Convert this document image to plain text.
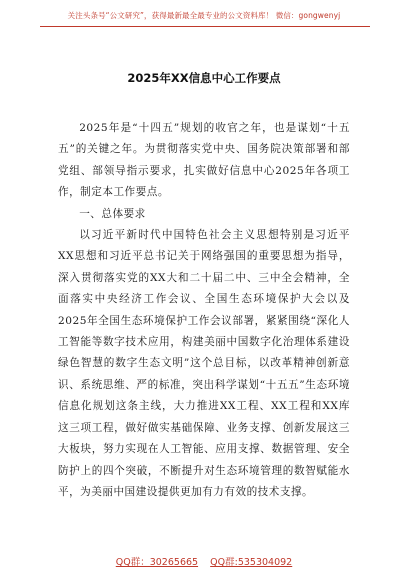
关注头条号“公文研究”，获得最新最全最专业的公文资料库！ 微信：gongwenyj
2025年XX信息中心工作要点

2025年是“十四五”规划的收官之年，也是谋划“十五五”的关键之年。为贯彻落实党中央、国务院决策部署和部党组、部领导指示要求，扎实做好信息中心2025年各项工作，制定本工作要点。

一、总体要求

以习近平新时代中国特色社会主义思想特别是习近平XX思想和习近平总书记关于网络强国的重要思想为指导，深入贯彻落实党的XX大和二十届二中、三中全会精神，全面落实中央经济工作会议、全国生态环境保护大会以及2025年全国生态环境保护工作会议部署，紧紧围绕“深化人工智能等数字技术应用，构建美丽中国数字化治理体系建设绿色智慧的数字生态文明”这个总目标，以改革精神创新意识、系统思维、严的标准，突出科学谋划“十五五”生态环境信息化规划这条主线，大力推进XX工程、XX工程和XX库这三项工程，做好做实基础保障、业务支撑、创新发展这三大板块，努力实现在人工智能、应用支撑、数据管理、安全防护上的四个突破，不断提升对生态环境管理的数智赋能水平，为美丽中国建设提供更加有力有效的技术支撑。

QQ群：30265665 QQ群:535304092
